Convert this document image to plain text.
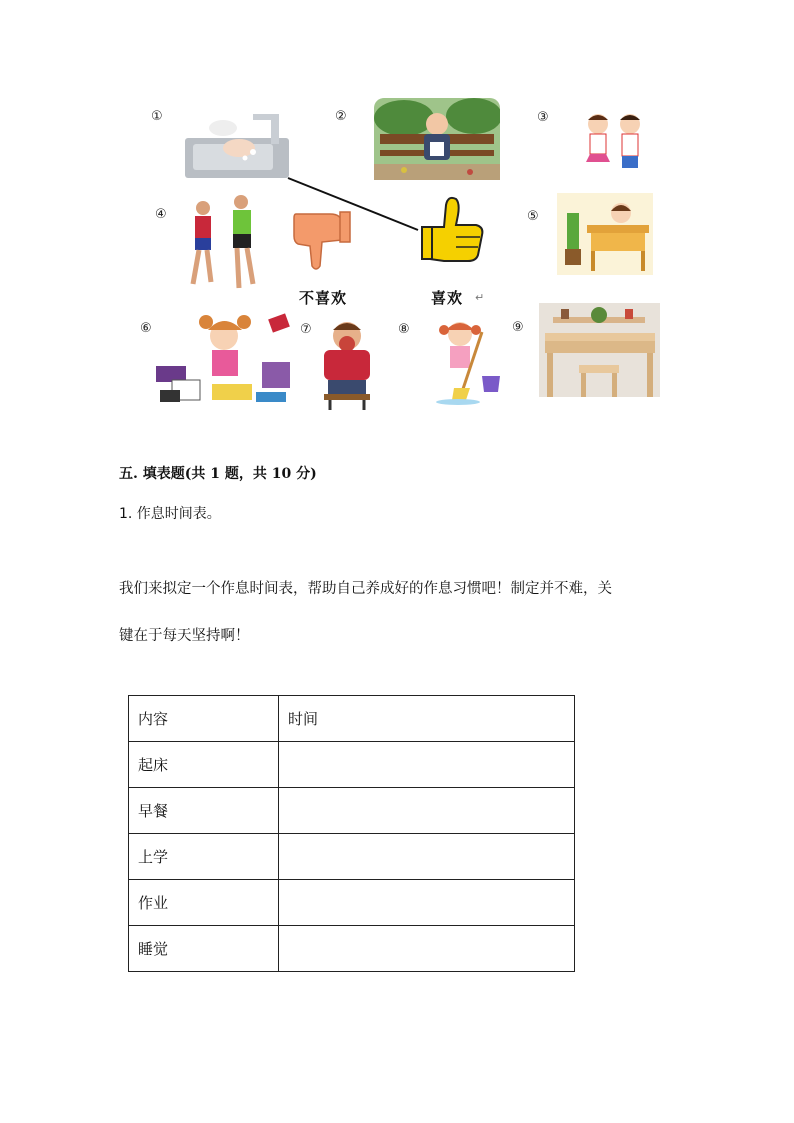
①	②	③
④
不喜欢	喜欢 ↵
⑤
⑥	⑦	⑧	⑨
五. 填表题(共 1 题，共 10 分)
1. 作息时间表。
我们来拟定一个作息时间表，帮助自己养成好的作息习惯吧！制定并不难，关
键在于每天坚持啊！
内容	时间
起床	
早餐	
上学	
作业	
睡觉	
